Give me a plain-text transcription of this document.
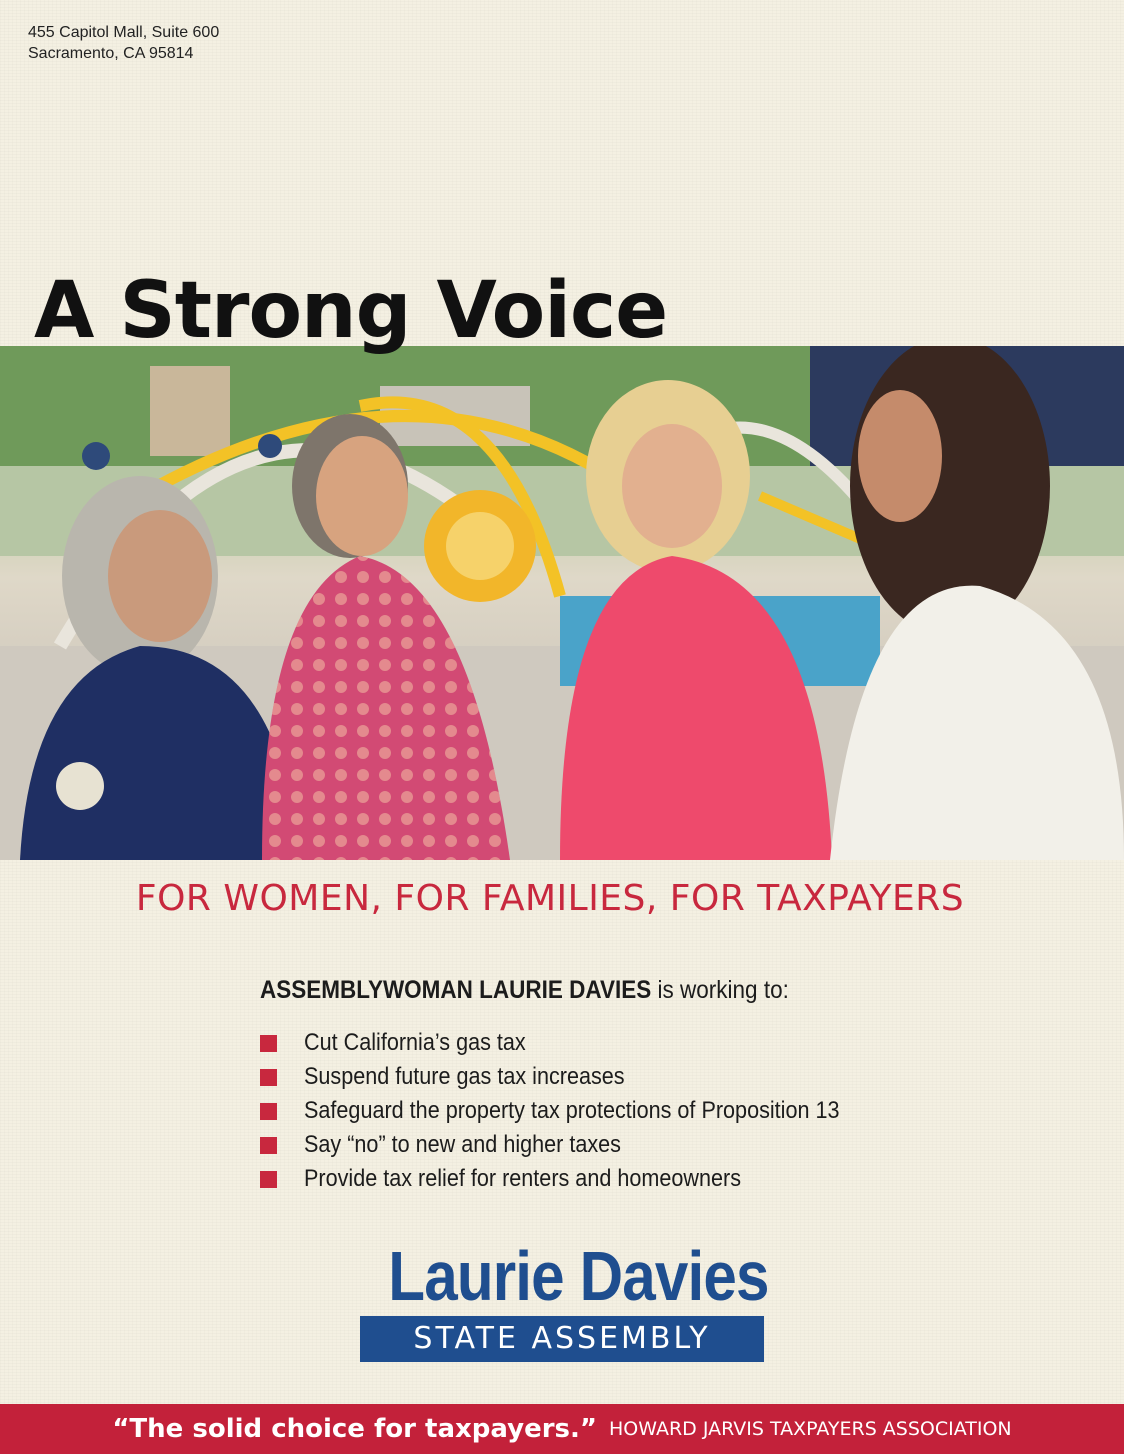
455 Capitol Mall, Suite 600
Sacramento, CA 95814
A Strong Voice
FOR WOMEN, FOR FAMILIES, FOR TAXPAYERS
ASSEMBLYWOMAN LAURIE DAVIES is working to:
Cut California’s gas tax
Suspend future gas tax increases
Safeguard the property tax protections of Proposition 13
Say “no” to new and higher taxes
Provide tax relief for renters and homeowners
Laurie Davies
STATE ASSEMBLY
“The solid choice for taxpayers.” HOWARD JARVIS TAXPAYERS ASSOCIATION
